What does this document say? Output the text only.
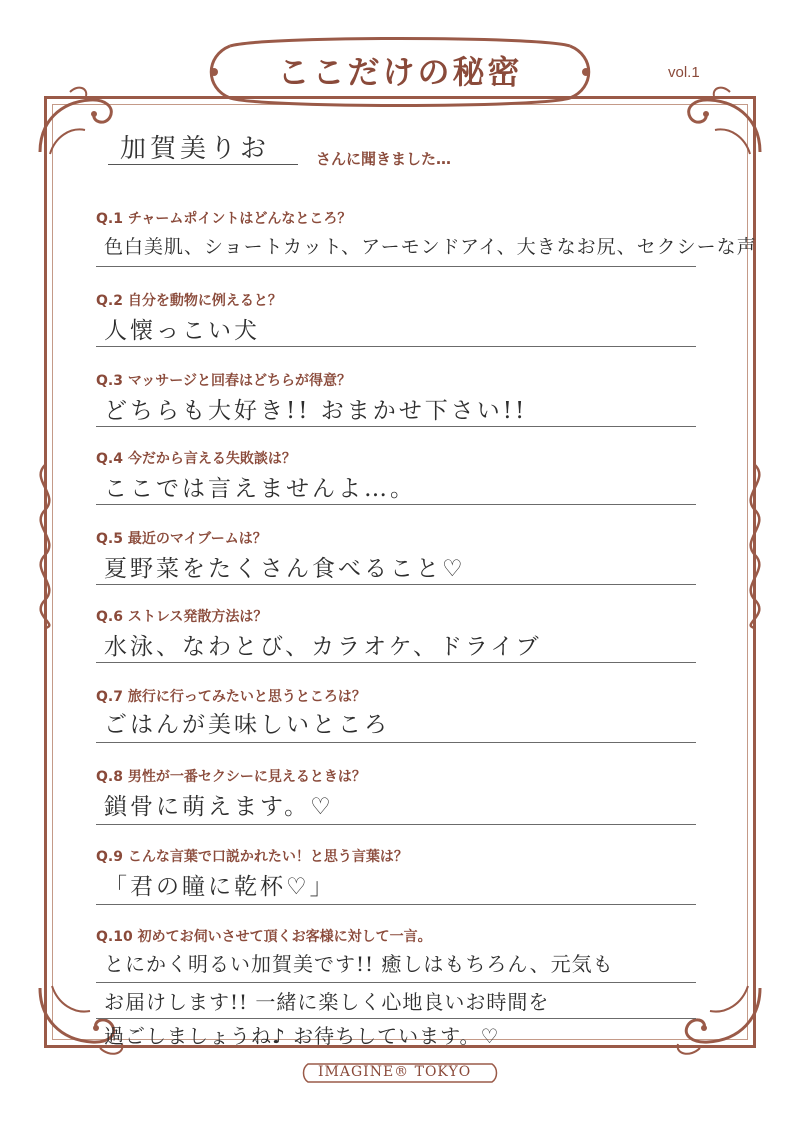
ここだけの秘密	vol.1
加賀美りお	さんに聞きました…
Q.1 チャームポイントはどんなところ？
色白美肌、ショートカット、アーモンドアイ、大きなお尻、セクシーな声
Q.2 自分を動物に例えると？
人懐っこい犬
Q.3 マッサージと回春はどちらが得意？
どちらも大好き!! おまかせ下さい!!
Q.4 今だから言える失敗談は？
ここでは言えませんよ…。
Q.5 最近のマイブームは？
夏野菜をたくさん食べること♡
Q.6 ストレス発散方法は？
水泳、なわとび、カラオケ、ドライブ
Q.7 旅行に行ってみたいと思うところは？
ごはんが美味しいところ
Q.8 男性が一番セクシーに見えるときは？
鎖骨に萌えます。♡
Q.9 こんな言葉で口説かれたい！と思う言葉は？
「君の瞳に乾杯♡」
Q.10 初めてお伺いさせて頂くお客様に対して一言。
とにかく明るい加賀美です!! 癒しはもちろん、元気も
お届けします!! 一緒に楽しく心地良いお時間を
過ごしましょうね♪ お待ちしています。♡
IMAGINE® TOKYO
